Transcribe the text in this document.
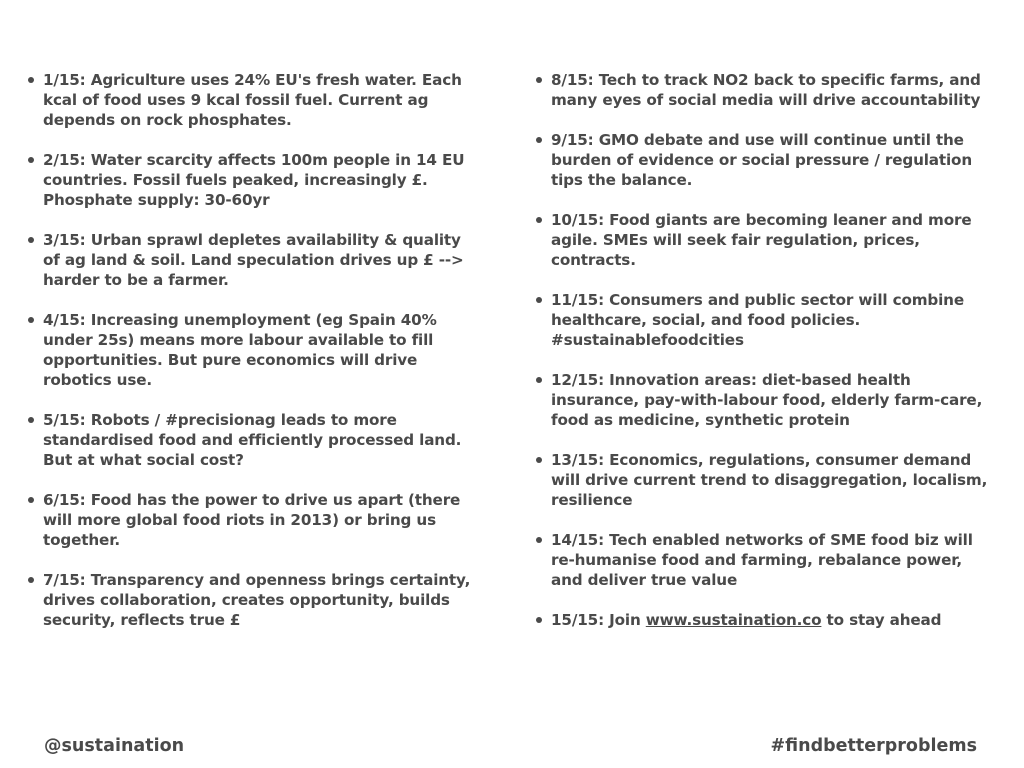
1/15: Agriculture uses 24% EU's fresh water. Each kcal of food uses 9 kcal fossil fuel. Current ag depends on rock phosphates.
2/15: Water scarcity affects 100m people in 14 EU countries. Fossil fuels peaked, increasingly £. Phosphate supply: 30-60yr
3/15: Urban sprawl depletes availability & quality of ag land & soil. Land speculation drives up £ --> harder to be a farmer.
4/15: Increasing unemployment (eg Spain 40% under 25s) means more labour available to fill opportunities. But pure economics will drive robotics use.
5/15: Robots / #precisionag leads to more standardised food and efficiently processed land. But at what social cost?
6/15: Food has the power to drive us apart (there will more global food riots in 2013) or bring us together.
7/15: Transparency and openness brings certainty, drives collaboration, creates opportunity, builds security, reflects true £
8/15: Tech to track NO2 back to specific farms, and many eyes of social media will drive accountability
9/15: GMO debate and use will continue until the burden of evidence or social pressure / regulation tips the balance.
10/15: Food giants are becoming leaner and more agile. SMEs will seek fair regulation, prices, contracts.
11/15: Consumers and public sector will combine healthcare, social, and food policies. #sustainablefoodcities
12/15: Innovation areas: diet-based health insurance, pay-with-labour food, elderly farm-care, food as medicine, synthetic protein
13/15: Economics, regulations, consumer demand will drive current trend to disaggregation, localism, resilience
14/15: Tech enabled networks of SME food biz will re-humanise food and farming, rebalance power, and deliver true value
15/15: Join www.sustaination.co to stay ahead
@sustaination	#findbetterproblems
